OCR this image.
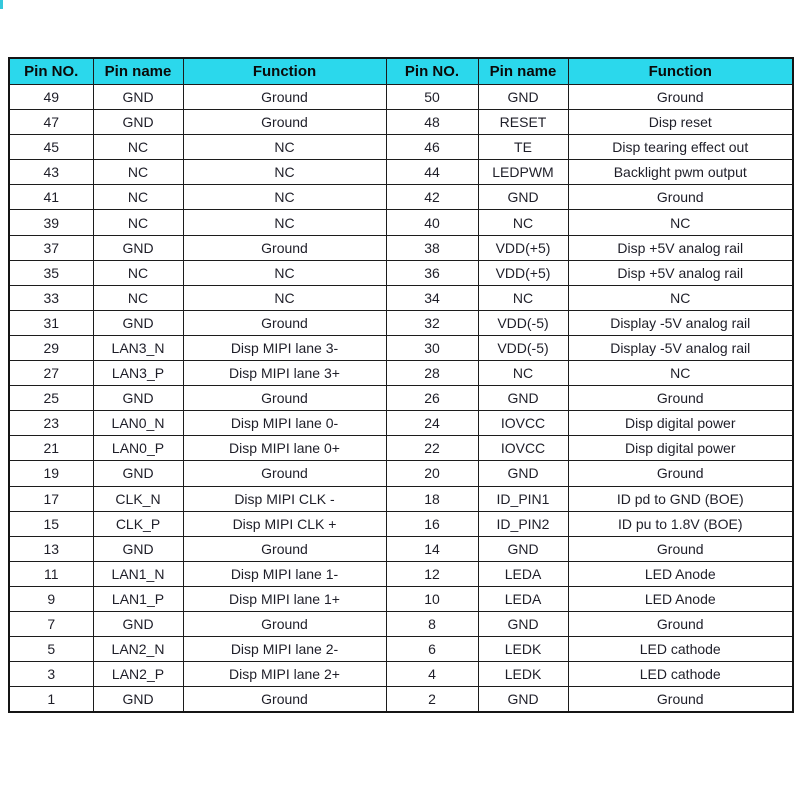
Pin NO.	Pin name	Function	Pin NO.	Pin name	Function
49	GND	Ground	50	GND	Ground
47	GND	Ground	48	RESET	Disp reset
45	NC	NC	46	TE	Disp tearing effect out
43	NC	NC	44	LEDPWM	Backlight pwm output
41	NC	NC	42	GND	Ground
39	NC	NC	40	NC	NC
37	GND	Ground	38	VDD(+5)	Disp +5V analog rail
35	NC	NC	36	VDD(+5)	Disp +5V analog rail
33	NC	NC	34	NC	NC
31	GND	Ground	32	VDD(-5)	Display -5V analog rail
29	LAN3_N	Disp MIPI lane 3-	30	VDD(-5)	Display -5V analog rail
27	LAN3_P	Disp MIPI lane 3+	28	NC	NC
25	GND	Ground	26	GND	Ground
23	LAN0_N	Disp MIPI lane 0-	24	IOVCC	Disp digital power
21	LAN0_P	Disp MIPI lane 0+	22	IOVCC	Disp digital power
19	GND	Ground	20	GND	Ground
17	CLK_N	Disp MIPI CLK -	18	ID_PIN1	ID pd to GND (BOE)
15	CLK_P	Disp MIPI CLK +	16	ID_PIN2	ID pu to 1.8V (BOE)
13	GND	Ground	14	GND	Ground
11	LAN1_N	Disp MIPI lane 1-	12	LEDA	LED Anode
9	LAN1_P	Disp MIPI lane 1+	10	LEDA	LED Anode
7	GND	Ground	8	GND	Ground
5	LAN2_N	Disp MIPI lane 2-	6	LEDK	LED cathode
3	LAN2_P	Disp MIPI lane 2+	4	LEDK	LED cathode
1	GND	Ground	2	GND	Ground
